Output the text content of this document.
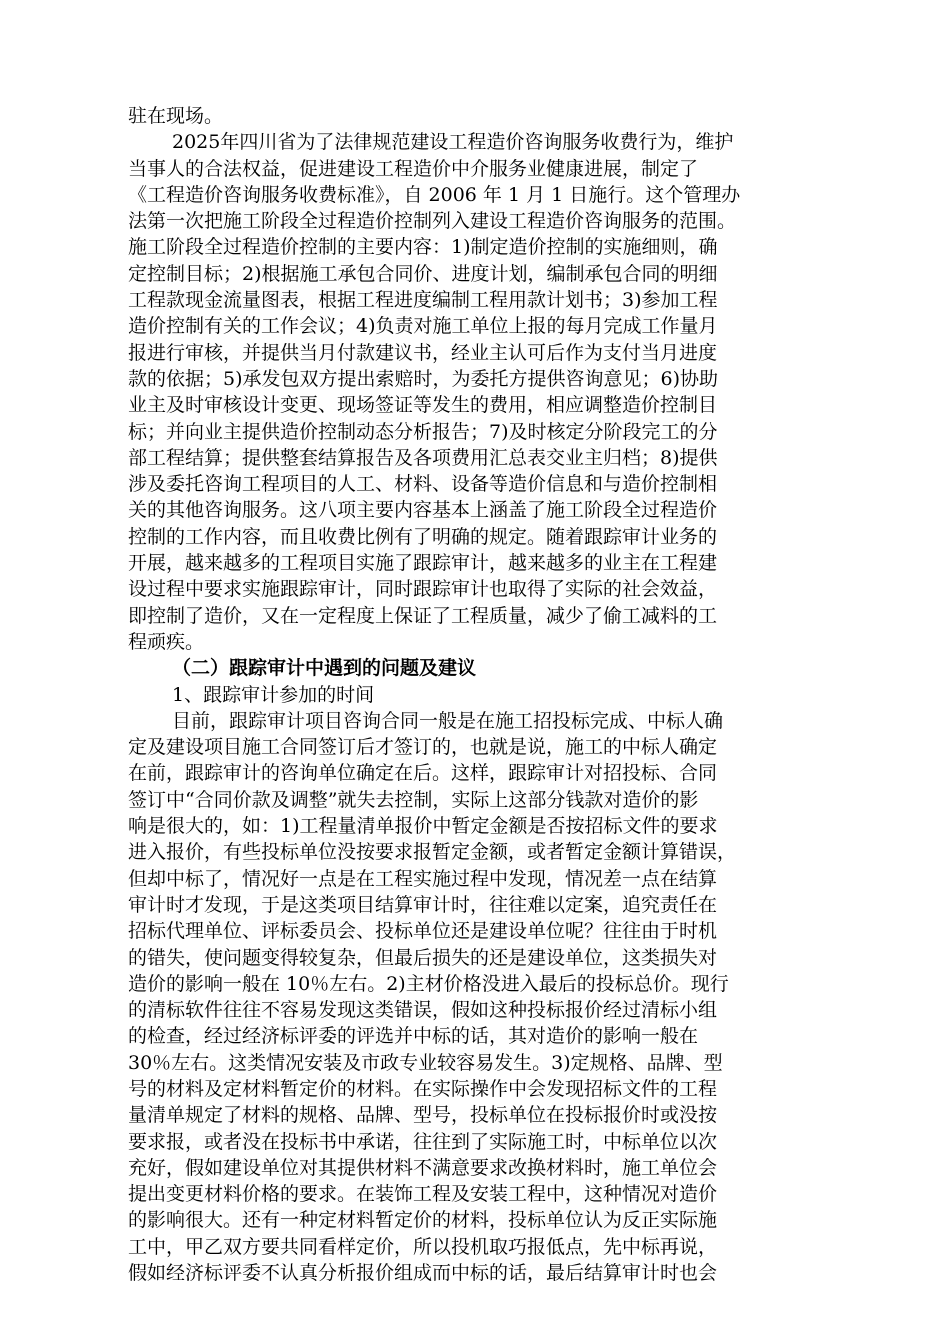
驻在现场。
2025年四川省为了法律规范建设工程造价咨询服务收费行为，维护
当事人的合法权益，促进建设工程造价中介服务业健康进展，制定了
《工程造价咨询服务收费标准》，自 2006 年 1 月 1 日施行。这个管理办
法第一次把施工阶段全过程造价控制列入建设工程造价咨询服务的范围。
施工阶段全过程造价控制的主要内容：1)制定造价控制的实施细则，确
定控制目标；2)根据施工承包合同价、进度计划，编制承包合同的明细
工程款现金流量图表，根据工程进度编制工程用款计划书；3)参加工程
造价控制有关的工作会议；4)负责对施工单位上报的每月完成工作量月
报进行审核，并提供当月付款建议书，经业主认可后作为支付当月进度
款的依据；5)承发包双方提出索赔时，为委托方提供咨询意见；6)协助
业主及时审核设计变更、现场签证等发生的费用，相应调整造价控制目
标；并向业主提供造价控制动态分析报告；7)及时核定分阶段完工的分
部工程结算；提供整套结算报告及各项费用汇总表交业主归档；8)提供
涉及委托咨询工程项目的人工、材料、设备等造价信息和与造价控制相
关的其他咨询服务。这八项主要内容基本上涵盖了施工阶段全过程造价
控制的工作内容，而且收费比例有了明确的规定。随着跟踪审计业务的
开展，越来越多的工程项目实施了跟踪审计，越来越多的业主在工程建
设过程中要求实施跟踪审计，同时跟踪审计也取得了实际的社会效益，
即控制了造价，又在一定程度上保证了工程质量，减少了偷工减料的工
程顽疾。
（二）跟踪审计中遇到的问题及建议
1、跟踪审计参加的时间
目前，跟踪审计项目咨询合同一般是在施工招投标完成、中标人确
定及建设项目施工合同签订后才签订的，也就是说，施工的中标人确定
在前，跟踪审计的咨询单位确定在后。这样，跟踪审计对招投标、合同
签订中“合同价款及调整”就失去控制，实际上这部分钱款对造价的影
响是很大的，如：1)工程量清单报价中暂定金额是否按招标文件的要求
进入报价，有些投标单位没按要求报暂定金额，或者暂定金额计算错误，
但却中标了，情况好一点是在工程实施过程中发现，情况差一点在结算
审计时才发现，于是这类项目结算审计时，往往难以定案，追究责任在
招标代理单位、评标委员会、投标单位还是建设单位呢？往往由于时机
的错失，使问题变得较复杂，但最后损失的还是建设单位，这类损失对
造价的影响一般在 10％左右。2)主材价格没进入最后的投标总价。现行
的清标软件往往不容易发现这类错误，假如这种投标报价经过清标小组
的检查，经过经济标评委的评选并中标的话，其对造价的影响一般在
30％左右。这类情况安装及市政专业较容易发生。3)定规格、品牌、型
号的材料及定材料暂定价的材料。在实际操作中会发现招标文件的工程
量清单规定了材料的规格、品牌、型号，投标单位在投标报价时或没按
要求报，或者没在投标书中承诺，往往到了实际施工时，中标单位以次
充好，假如建设单位对其提供材料不满意要求改换材料时，施工单位会
提出变更材料价格的要求。在装饰工程及安装工程中，这种情况对造价
的影响很大。还有一种定材料暂定价的材料，投标单位认为反正实际施
工中，甲乙双方要共同看样定价，所以投机取巧报低点，先中标再说，
假如经济标评委不认真分析报价组成而中标的话，最后结算审计时也会
